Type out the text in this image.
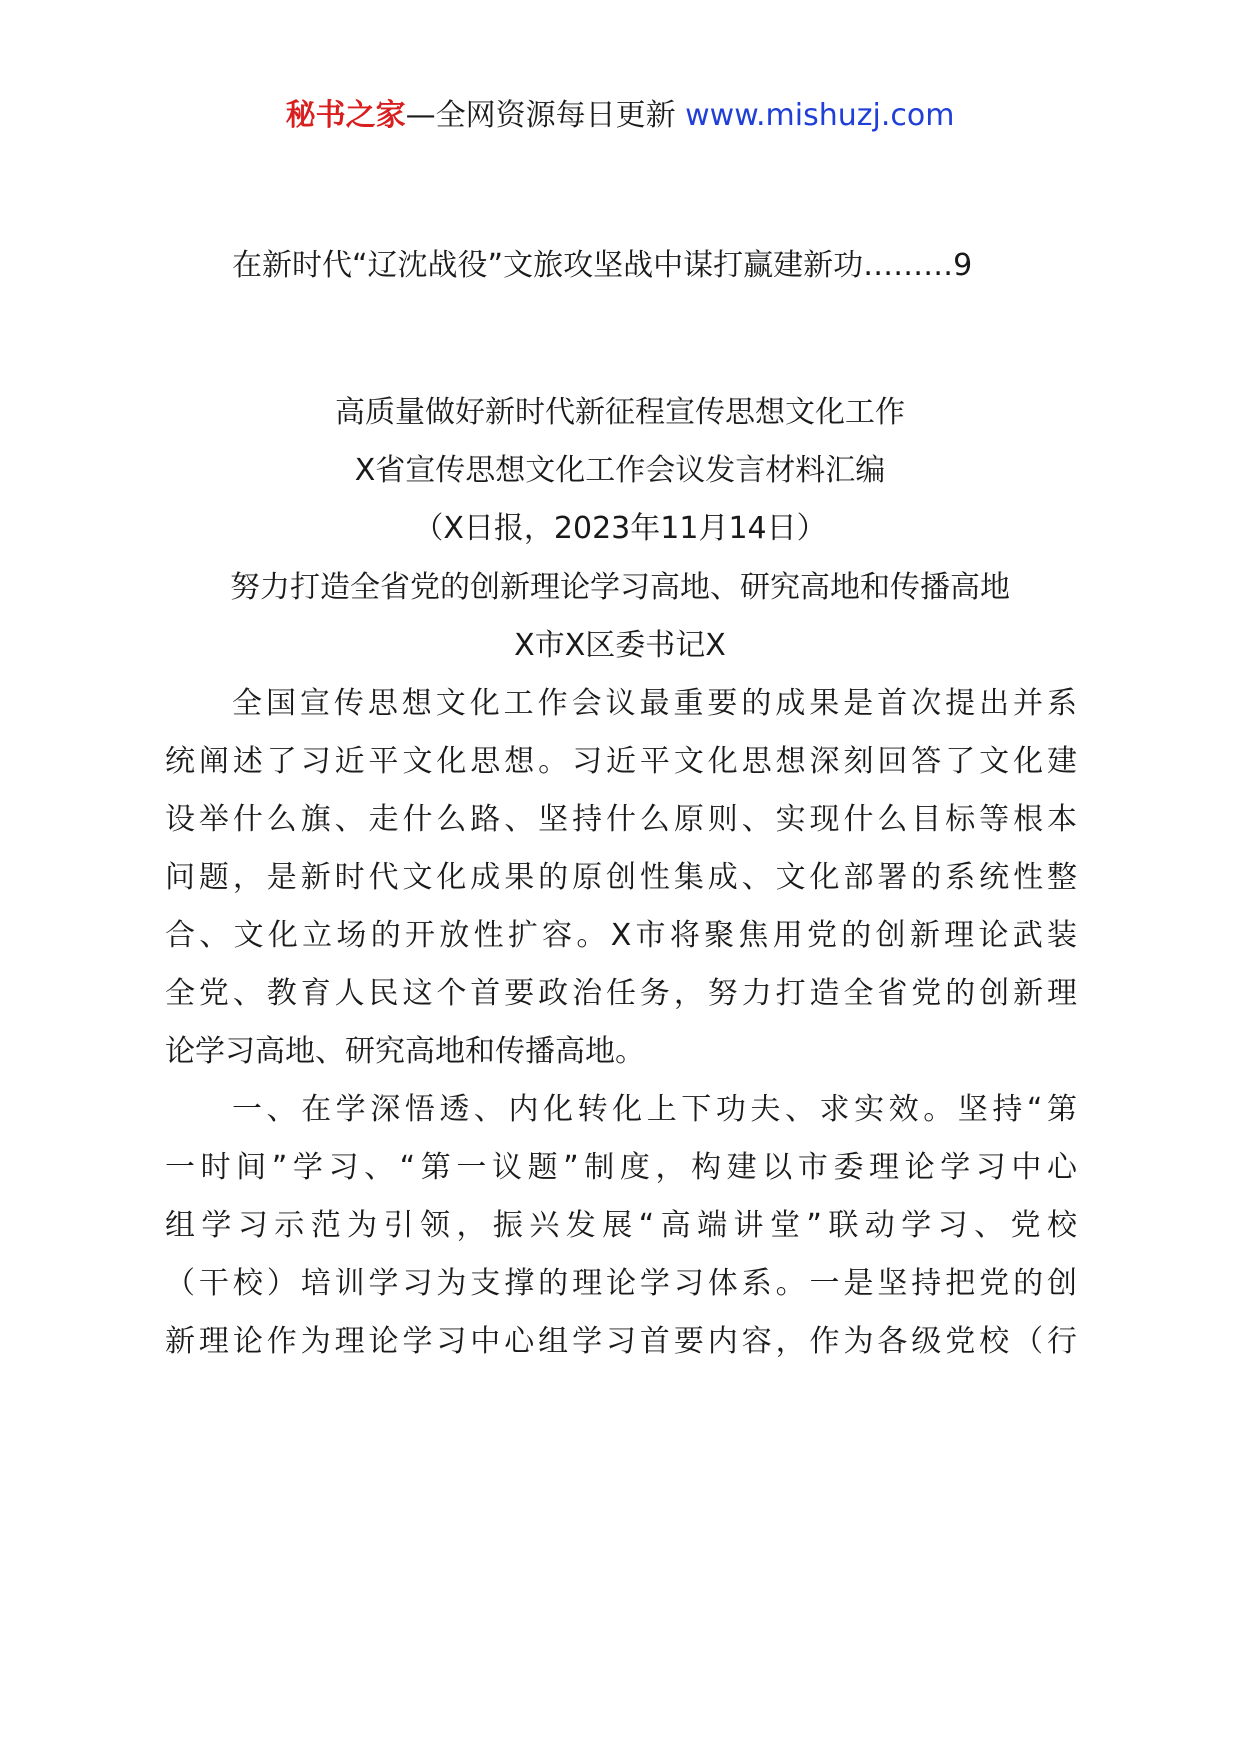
秘书之家—全网资源每日更新 www.mishuzj.com
在新时代“辽沈战役”文旅攻坚战中谋打赢建新功………9
高质量做好新时代新征程宣传思想文化工作
X省宣传思想文化工作会议发言材料汇编
（X日报，2023年11月14日）
努力打造全省党的创新理论学习高地、研究高地和传播高地
X市X区委书记X
全国宣传思想文化工作会议最重要的成果是首次提出并系
统阐述了习近平文化思想。习近平文化思想深刻回答了文化建
设举什么旗、走什么路、坚持什么原则、实现什么目标等根本
问题，是新时代文化成果的原创性集成、文化部署的系统性整
合、文化立场的开放性扩容。X市将聚焦用党的创新理论武装
全党、教育人民这个首要政治任务，努力打造全省党的创新理
论学习高地、研究高地和传播高地。
一、在学深悟透、内化转化上下功夫、求实效。坚持“第
一时间”学习、“第一议题”制度，构建以市委理论学习中心
组学习示范为引领，振兴发展“高端讲堂”联动学习、党校
（干校）培训学习为支撑的理论学习体系。一是坚持把党的创
新理论作为理论学习中心组学习首要内容，作为各级党校（行
